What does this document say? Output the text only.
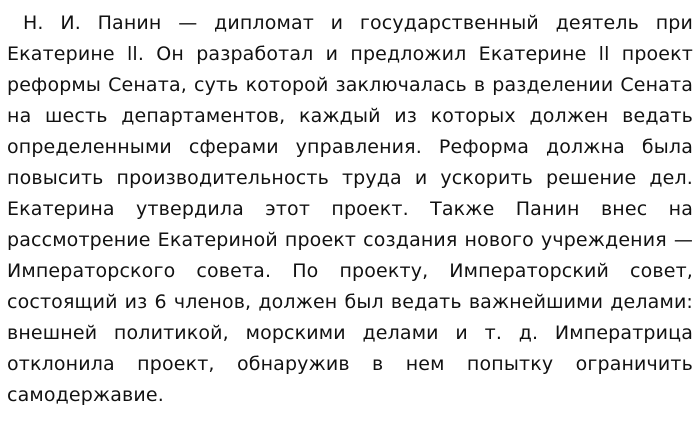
Н. И. Панин — дипломат и государственный деятель при Екатерине ll. Он разработал и предложил Екатерине ll проект реформы Сената, суть которой заключалась в разделении Сената на шесть департаментов, каждый из которых должен ведать определенными сферами управления. Реформа должна была повысить производительность труда и ускорить решение дел. Екатерина утвердила этот проект. Также Панин внес на рассмотрение Екатериной проект создания нового учреждения — Императорского совета. По проекту, Императорский совет, состоящий из 6 членов, должен был ведать важнейшими делами: внешней политикой, морскими делами и т. д. Императрица отклонила проект, обнаружив в нем попытку ограничить самодержавие.
